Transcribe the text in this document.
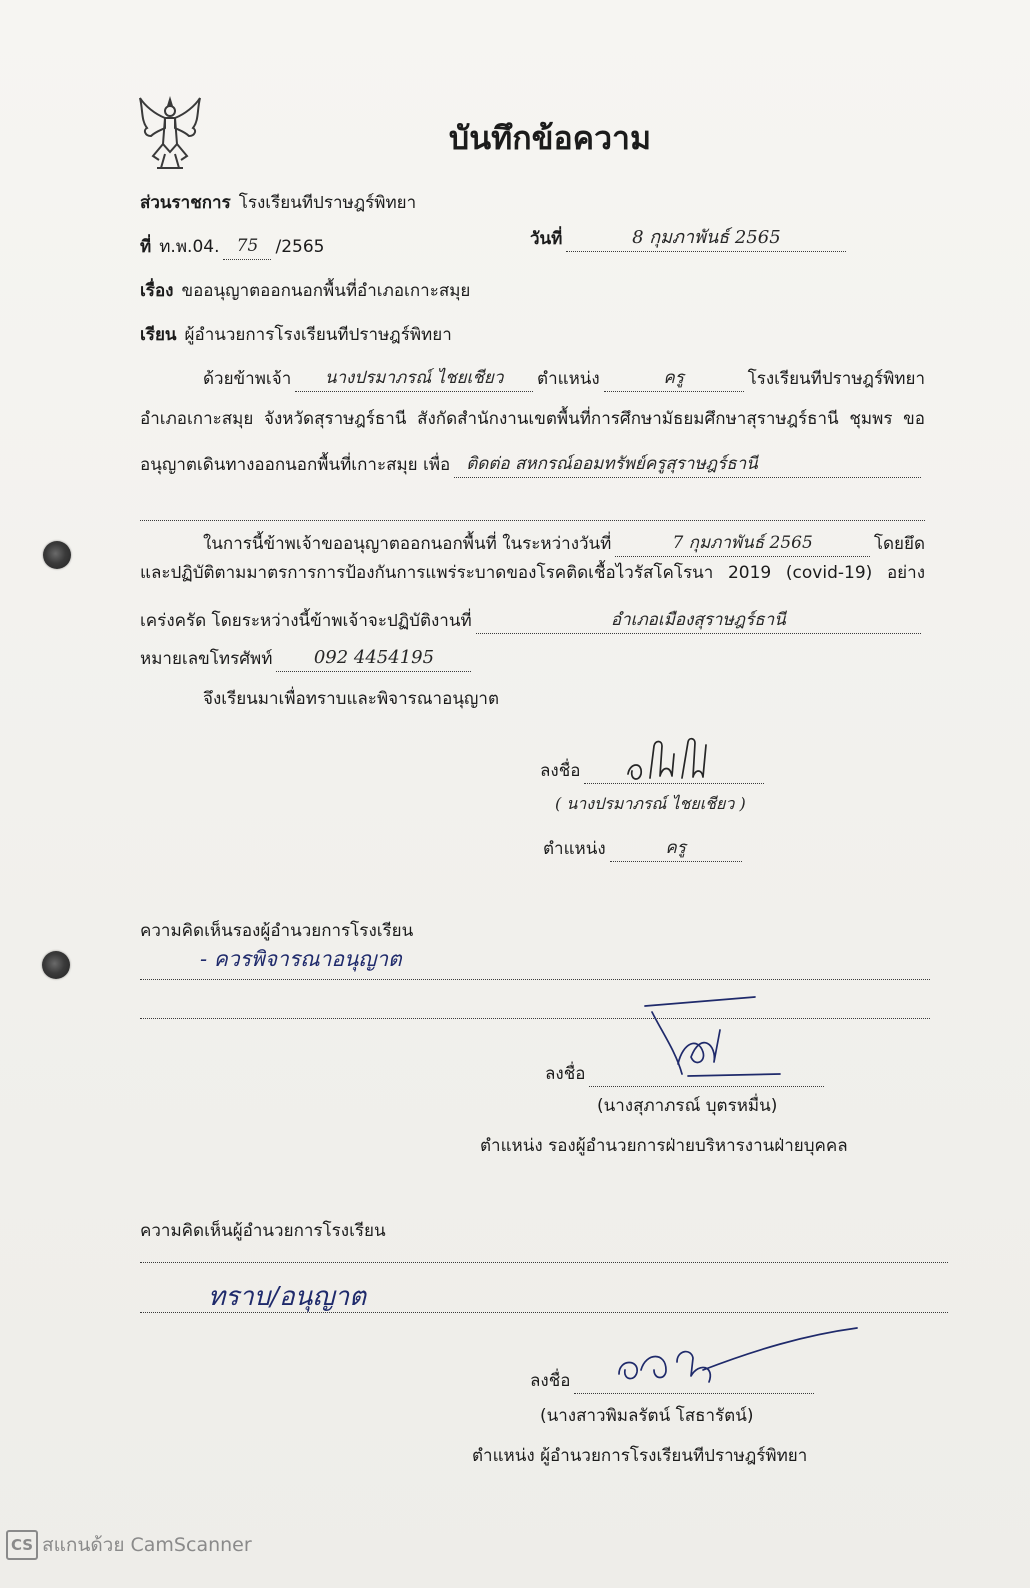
บันทึกข้อความ
ส่วนราชการ โรงเรียนทีปราษฎร์พิทยา
ที่ ท.พ.04.	75	/2565	วันที่	8 กุมภาพันธ์ 2565
เรื่อง ขออนุญาตออกนอกพื้นที่อำเภอเกาะสมุย
เรียน ผู้อำนวยการโรงเรียนทีปราษฎร์พิทยา
ด้วยข้าพเจ้า	นางปรมาภรณ์ ไชยเชียว	ตำแหน่ง	ครู	โรงเรียนทีปราษฎร์พิทยา
อำเภอเกาะสมุย จังหวัดสุราษฎร์ธานี สังกัดสำนักงานเขตพื้นที่การศึกษามัธยมศึกษาสุราษฎร์ธานี ชุมพร ขอ
อนุญาตเดินทางออกนอกพื้นที่เกาะสมุย เพื่อ ติดต่อ สหกรณ์ออมทรัพย์ครูสุราษฎร์ธานี
ในการนี้ข้าพเจ้าขออนุญาตออกนอกพื้นที่ ในระหว่างวันที่	7 กุมภาพันธ์ 2565	โดยยึด
และปฏิบัติตามมาตรการการป้องกันการแพร่ระบาดของโรคติดเชื้อไวรัสโคโรนา 2019 (covid-19) อย่าง
เคร่งครัด โดยระหว่างนี้ข้าพเจ้าจะปฏิบัติงานที่	อำเภอเมืองสุราษฎร์ธานี
หมายเลขโทรศัพท์	092 4454195
จึงเรียนมาเพื่อทราบและพิจารณาอนุญาต
ลงชื่อ
( นางปรมาภรณ์ ไชยเชียว )
ตำแหน่ง	ครู
ความคิดเห็นรองผู้อำนวยการโรงเรียน
- ควรพิจารณาอนุญาต
ลงชื่อ
(นางสุภาภรณ์ บุตรหมื่น)
ตำแหน่ง รองผู้อำนวยการฝ่ายบริหารงานฝ่ายบุคคล
ความคิดเห็นผู้อำนวยการโรงเรียน
ทราบ/อนุญาต
ลงชื่อ
(นางสาวพิมลรัตน์ โสธารัตน์)
ตำแหน่ง ผู้อำนวยการโรงเรียนทีปราษฎร์พิทยา
CS สแกนด้วย CamScanner
